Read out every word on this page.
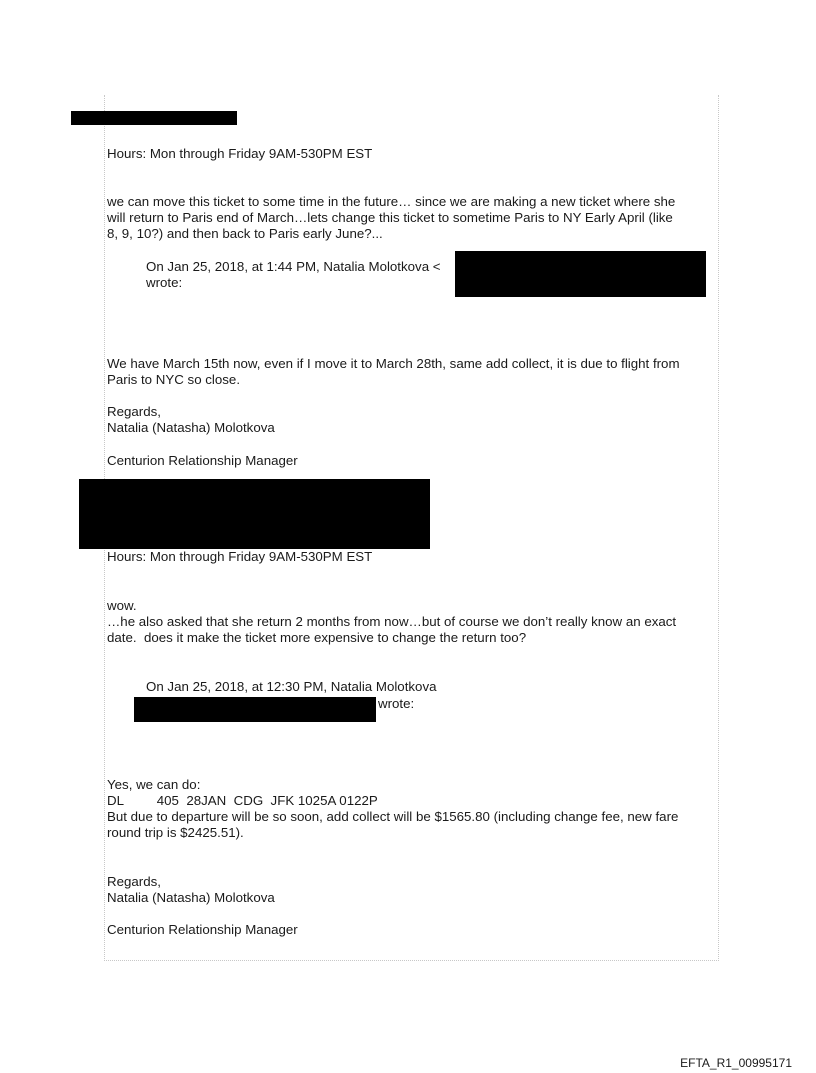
Hours: Mon through Friday 9AM-530PM EST

we can move this ticket to some time in the future… since we are making a new ticket where she

will return to Paris end of March…lets change this ticket to sometime Paris to NY Early April (like

8, 9, 10?) and then back to Paris early June?...

On Jan 25, 2018, at 1:44 PM, Natalia Molotkova <

wrote:

We have March 15th now, even if I move it to March 28th, same add collect, it is due to flight from

Paris to NYC so close.

Regards,

Natalia (Natasha) Molotkova

Centurion Relationship Manager

Hours: Mon through Friday 9AM-530PM EST

wow.

…he also asked that she return 2 months from now…but of course we don’t really know an exact

date.  does it make the ticket more expensive to change the return too?

On Jan 25, 2018, at 12:30 PM, Natalia Molotkova

wrote:

Yes, we can do:

DL         405  28JAN  CDG  JFK 1025A 0122P

But due to departure will be so soon, add collect will be $1565.80 (including change fee, new fare

round trip is $2425.51).

Regards,

Natalia (Natasha) Molotkova

Centurion Relationship Manager

EFTA_R1_00995171
